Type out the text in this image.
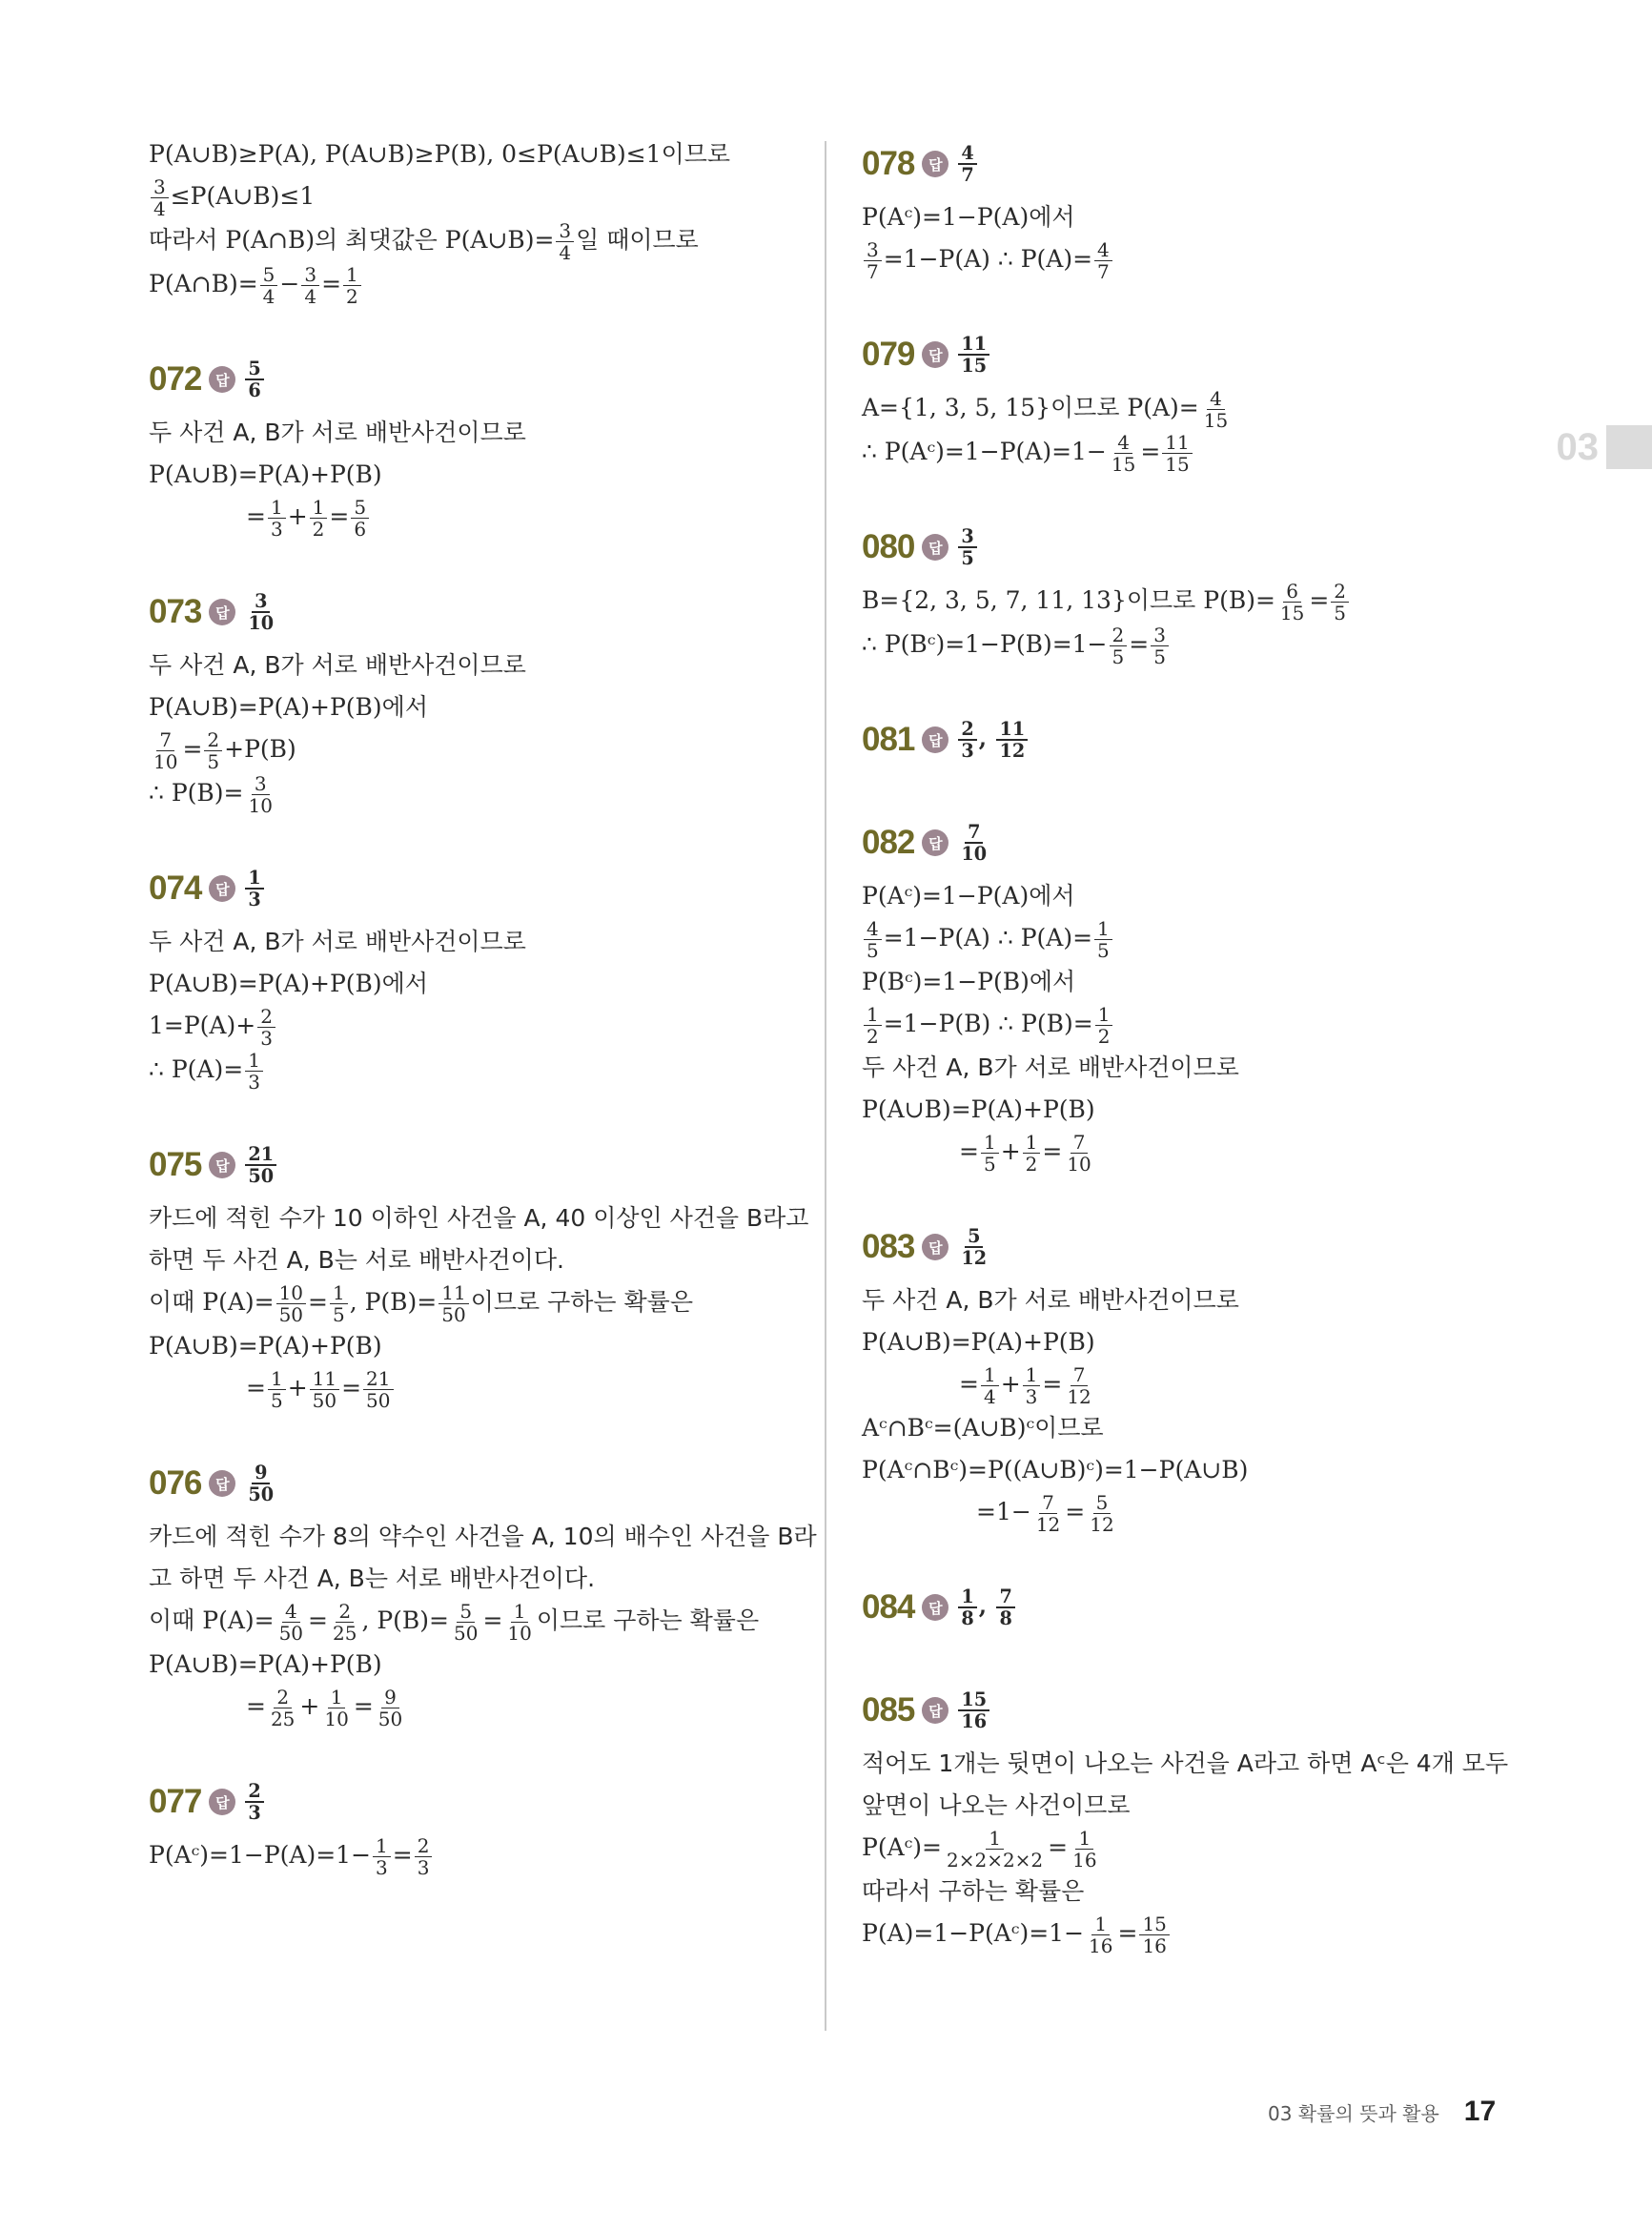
03
P(A∪B)≥P(A), P(A∪B)≥P(B), 0≤P(A∪B)≤1이므로
$\frac{3}{4}$ ≤P(A∪B)≤1
따라서 P(A∩B)의 최댓값은 P(A∪B)= $\frac{3}{4}$ 일 때이므로
P(A∩B)= $\frac{5}{4} - \frac{3}{4} = \frac{1}{2}$
072 답 $\frac{5}{6}$
두 사건 A, B가 서로 배반사건이므로
P(A∪B)=P(A)+P(B)
= $\frac{1}{3} + \frac{1}{2} = \frac{5}{6}$
073 답 $\frac{3}{10}$
두 사건 A, B가 서로 배반사건이므로
P(A∪B)=P(A)+P(B)에서
$\frac{7}{10} = \frac{2}{5} +P(B)$
∴ $P(B)= \frac{3}{10}$
074 답 $\frac{1}{3}$
두 사건 A, B가 서로 배반사건이므로
P(A∪B)=P(A)+P(B)에서
$1=P(A)+ \frac{2}{3}$
∴ $P(A)= \frac{1}{3}$
075 답 $\frac{21}{50}$
카드에 적힌 수가 10 이하인 사건을 A, 40 이상인 사건을 B라고
하면 두 사건 A, B는 서로 배반사건이다.
이때 $P(A)= \frac{10}{50} = \frac{1}{5}$ , $P(B)= \frac{11}{50}$ 이므로 구하는 확률은
P(A∪B)=P(A)+P(B)
= $\frac{1}{5} + \frac{11}{50} = \frac{21}{50}$
076 답 $\frac{9}{50}$
카드에 적힌 수가 8의 약수인 사건을 A, 10의 배수인 사건을 B라
고 하면 두 사건 A, B는 서로 배반사건이다.
이때 $P(A)= \frac{4}{50} = \frac{2}{25}$ , $P(B)= \frac{5}{50} = \frac{1}{10}$ 이므로 구하는 확률은
P(A∪B)=P(A)+P(B)
= $\frac{2}{25} + \frac{1}{10} = \frac{9}{50}$
077 답 $\frac{2}{3}$
P(Aᶜ)=1−P(A)=1− $\frac{1}{3} = \frac{2}{3}$
078 답 $\frac{4}{7}$
P(Aᶜ)=1−P(A)에서
$\frac{3}{7} =1-P(A)$ ∴ $P(A)= \frac{4}{7}$
079 답 $\frac{11}{15}$
A={1, 3, 5, 15}이므로 $P(A)= \frac{4}{15}$
∴ P(Aᶜ)=1−P(A)=1− $\frac{4}{15} = \frac{11}{15}$
080 답 $\frac{3}{5}$
B={2, 3, 5, 7, 11, 13}이므로 $P(B)= \frac{6}{15} = \frac{2}{5}$
∴ P(Bᶜ)=1−P(B)=1− $\frac{2}{5} = \frac{3}{5}$
081 답 $\frac{2}{3}$ , $\frac{11}{12}$
082 답 $\frac{7}{10}$
P(Aᶜ)=1−P(A)에서
$\frac{4}{5} =1-P(A)$ ∴ $P(A)= \frac{1}{5}$
P(Bᶜ)=1−P(B)에서
$\frac{1}{2} =1-P(B)$ ∴ $P(B)= \frac{1}{2}$
두 사건 A, B가 서로 배반사건이므로
P(A∪B)=P(A)+P(B)
= $\frac{1}{5} + \frac{1}{2} = \frac{7}{10}$
083 답 $\frac{5}{12}$
두 사건 A, B가 서로 배반사건이므로
P(A∪B)=P(A)+P(B)
= $\frac{1}{4} + \frac{1}{3} = \frac{7}{12}$
Aᶜ∩Bᶜ=(A∪B)ᶜ이므로
P(Aᶜ∩Bᶜ)=P((A∪B)ᶜ)=1−P(A∪B)
$=1- \frac{7}{12} = \frac{5}{12}$
084 답 $\frac{1}{8}$ , $\frac{7}{8}$
085 답 $\frac{15}{16}$
적어도 1개는 뒷면이 나오는 사건을 A라고 하면 Aᶜ은 4개 모두
앞면이 나오는 사건이므로
P(Aᶜ)= $\frac{1}{2\times 2\times 2\times 2} = \frac{1}{16}$
따라서 구하는 확률은
P(A)=1−P(Aᶜ)=1− $\frac{1}{16} = \frac{15}{16}$
03 확률의 뜻과 활용 17
